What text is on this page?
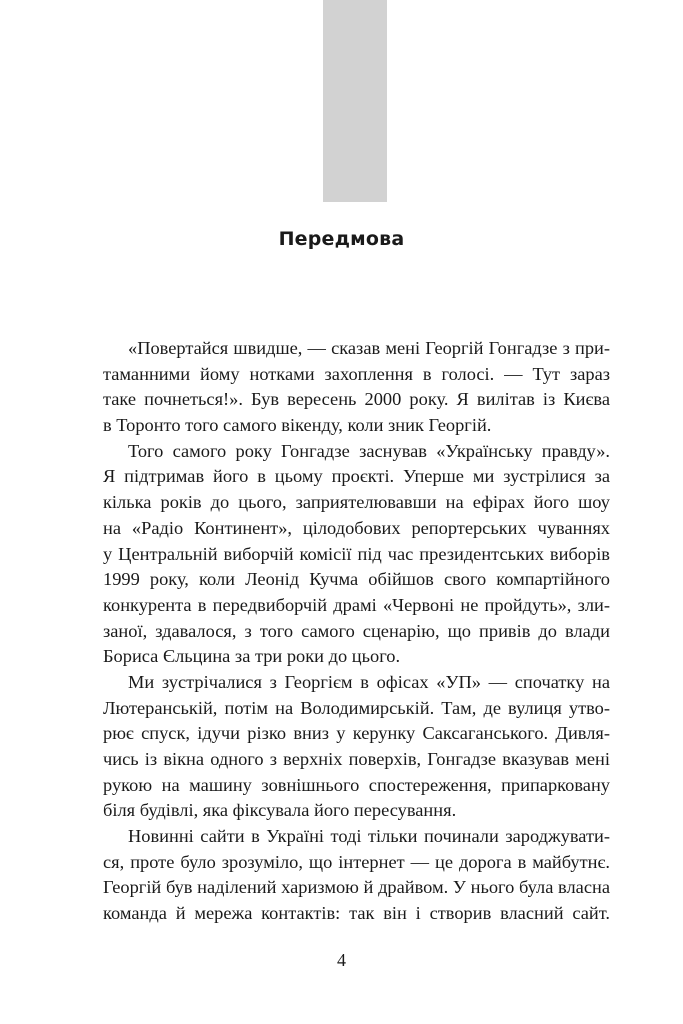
Передмова
«Повертайся швидше, — сказав мені Георгій Гонгадзе з при-
таманними йому нотками захоплення в голосі. — Тут зараз
таке почнеться!». Був вересень 2000 року. Я вилітав із Києва
в Торонто того самого вікенду, коли зник Георгій.
Того самого року Гонгадзе заснував «Українську правду».
Я підтримав його в цьому проєкті. Уперше ми зустрілися за
кілька років до цього, заприятелювавши на ефірах його шоу
на «Радіо Континент», цілодобових репортерських чуваннях
у Центральній виборчій комісії під час президентських виборів
1999 року, коли Леонід Кучма обійшов свого компартійного
конкурента в передвиборчій драмі «Червоні не пройдуть», зли-
заної, здавалося, з того самого сценарію, що привів до влади
Бориса Єльцина за три роки до цього.
Ми зустрічалися з Георгієм в офісах «УП» — спочатку на
Лютеранській, потім на Володимирській. Там, де вулиця утво-
рює спуск, ідучи різко вниз у керунку Саксаганського. Дивля-
чись із вікна одного з верхніх поверхів, Гонгадзе вказував мені
рукою на машину зовнішнього спостереження, припарковану
біля будівлі, яка фіксувала його пересування.
Новинні сайти в Україні тоді тільки починали зароджувати-
ся, проте було зрозуміло, що інтернет — це дорога в майбутнє.
Георгій був наділений харизмою й драйвом. У нього була власна
команда й мережа контактів: так він і створив власний сайт.
4
